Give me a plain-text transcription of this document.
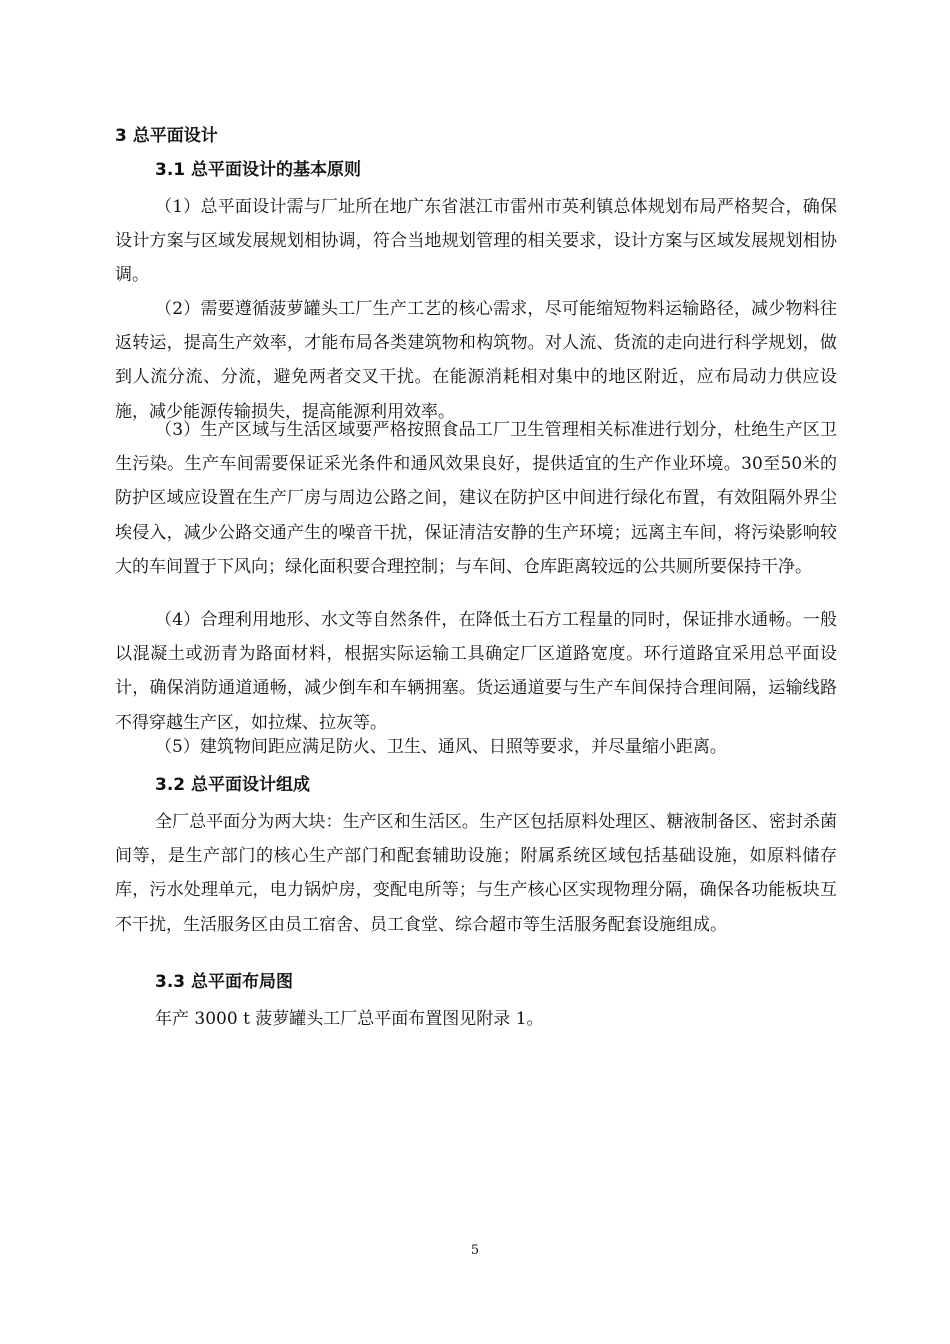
3 总平面设计
3.1 总平面设计的基本原则

（1）总平面设计需与厂址所在地广东省湛江市雷州市英利镇总体规划布局严格契合，确保设计方案与区域发展规划相协调，符合当地规划管理的相关要求，设计方案与区域发展规划相协调。

（2）需要遵循菠萝罐头工厂生产工艺的核心需求，尽可能缩短物料运输路径，减少物料往返转运，提高生产效率，才能布局各类建筑物和构筑物。对人流、货流的走向进行科学规划，做到人流分流、分流，避免两者交叉干扰。在能源消耗相对集中的地区附近，应布局动力供应设施，减少能源传输损失，提高能源利用效率。

（3）生产区域与生活区域要严格按照食品工厂卫生管理相关标准进行划分，杜绝生产区卫生污染。生产车间需要保证采光条件和通风效果良好，提供适宜的生产作业环境。30至50米的防护区域应设置在生产厂房与周边公路之间，建议在防护区中间进行绿化布置，有效阻隔外界尘埃侵入，减少公路交通产生的噪音干扰，保证清洁安静的生产环境；远离主车间，将污染影响较大的车间置于下风向；绿化面积要合理控制；与车间、仓库距离较远的公共厕所要保持干净。

（4）合理利用地形、水文等自然条件，在降低土石方工程量的同时，保证排水通畅。一般以混凝土或沥青为路面材料，根据实际运输工具确定厂区道路宽度。环行道路宜采用总平面设计，确保消防通道通畅，减少倒车和车辆拥塞。货运通道要与生产车间保持合理间隔，运输线路不得穿越生产区，如拉煤、拉灰等。

（5）建筑物间距应满足防火、卫生、通风、日照等要求，并尽量缩小距离。

3.2 总平面设计组成

全厂总平面分为两大块：生产区和生活区。生产区包括原料处理区、糖液制备区、密封杀菌间等，是生产部门的核心生产部门和配套辅助设施；附属系统区域包括基础设施，如原料储存库，污水处理单元，电力锅炉房，变配电所等；与生产核心区实现物理分隔，确保各功能板块互不干扰，生活服务区由员工宿舍、员工食堂、综合超市等生活服务配套设施组成。

3.3 总平面布局图

年产 3000 t 菠萝罐头工厂总平面布置图见附录 1。

5
